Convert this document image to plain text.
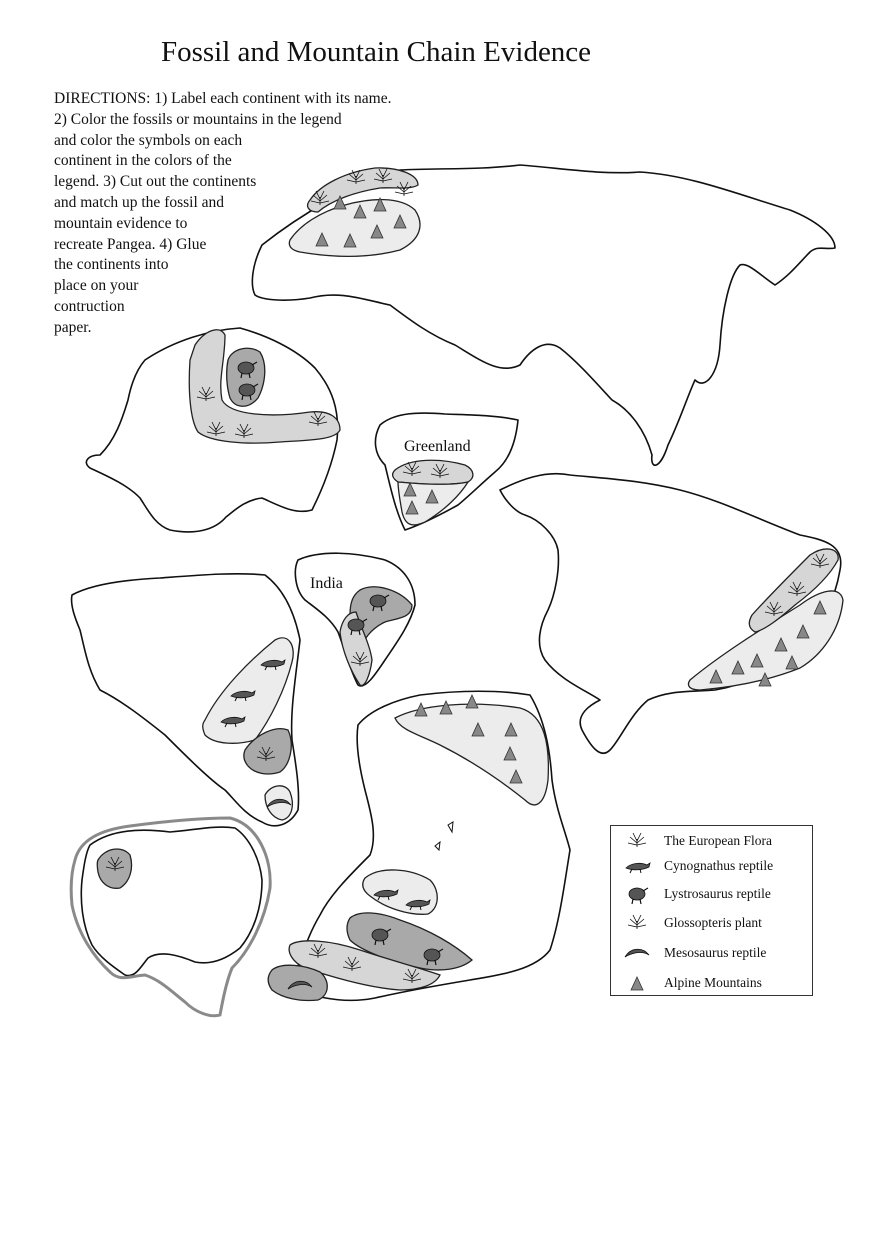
Fossil and Mountain Chain Evidence
DIRECTIONS: 1) Label each continent with its name.
2) Color the fossils or mountains in the legend
and color the symbols on each
continent in the colors of the
legend. 3) Cut out the continents
and match up the fossil and
mountain evidence to
recreate Pangea. 4) Glue
the continents into
place on your
contruction
paper.
Greenland
India
The European Flora
Cynognathus reptile
Lystrosaurus reptile
Glossopteris plant
Mesosaurus reptile
Alpine Mountains
